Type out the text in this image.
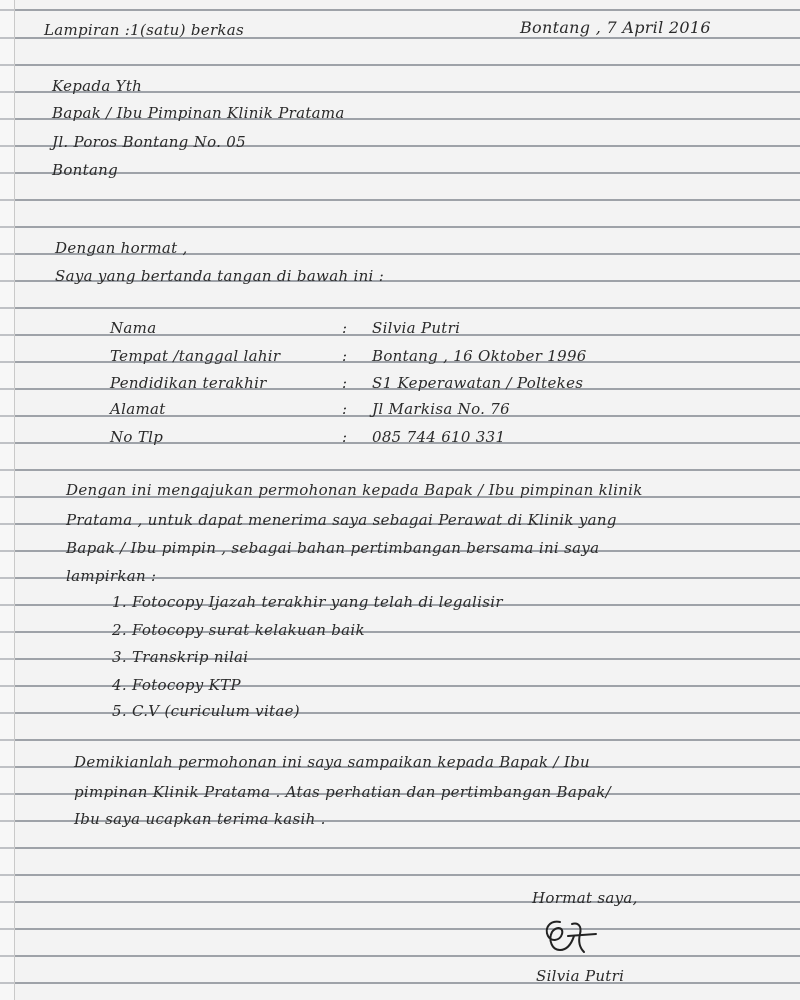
Lampiran :1(satu) berkas	Bontang , 7 April 2016
Kepada Yth
Bapak / Ibu Pimpinan Klinik Pratama
Jl. Poros Bontang No. 05
Bontang
Dengan hormat ,
Saya yang bertanda tangan di bawah ini :
Nama	: Silvia Putri
Tempat /tanggal lahir	: Bontang , 16 Oktober 1996
Pendidikan terakhir	: S1 Keperawatan / Poltekes
Alamat	: Jl Markisa No. 76
No Tlp	: 085 744 610 331
Dengan ini mengajukan permohonan kepada Bapak / Ibu pimpinan klinik
Pratama , untuk dapat menerima saya sebagai Perawat di Klinik yang
Bapak / Ibu pimpin , sebagai bahan pertimbangan bersama ini saya
lampirkan :
1. Fotocopy Ijazah terakhir yang telah di legalisir
2. Fotocopy surat kelakuan baik
3. Transkrip nilai
4. Fotocopy KTP
5. C.V (curiculum vitae)
Demikianlah permohonan ini saya sampaikan kepada Bapak / Ibu
pimpinan Klinik Pratama . Atas perhatian dan pertimbangan Bapak/
Ibu saya ucapkan terima kasih .
Hormat saya,
Silvia Putri
